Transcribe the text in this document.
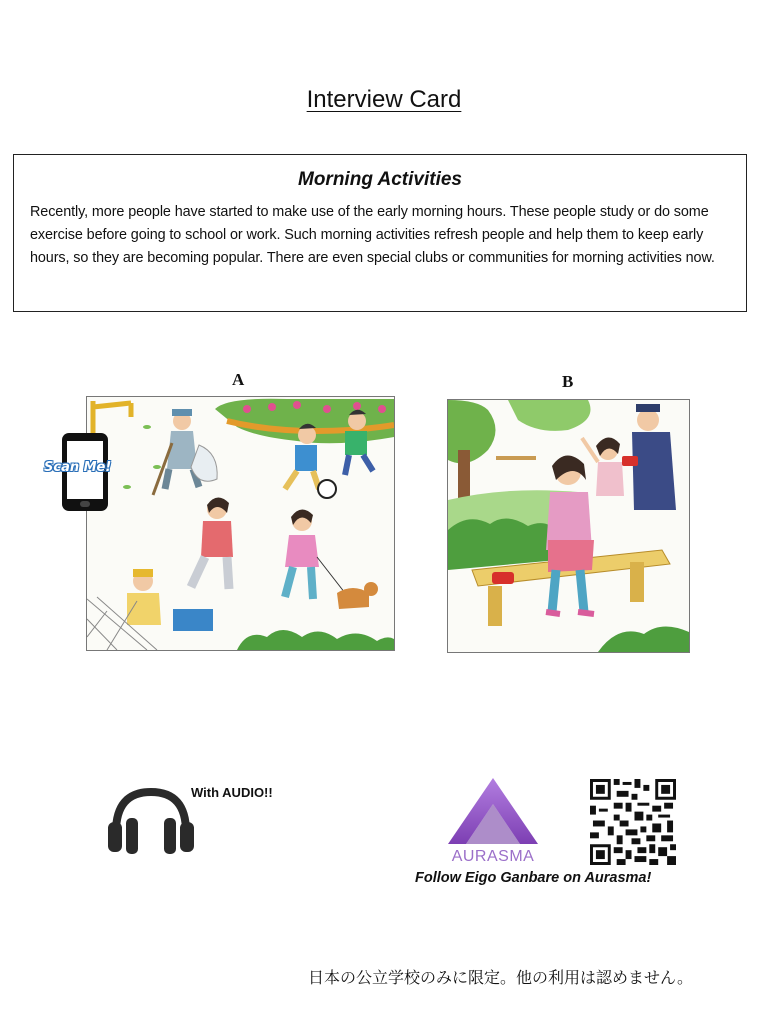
Interview Card
Morning Activities
Recently, more people have started to make use of the early morning hours. These people study or do some exercise before going to school or work. Such morning activities refresh people and help them to keep early hours, so they are becoming popular. There are even special clubs or communities for morning activities now.
A	B
Scan Me!
With AUDIO!!
AURASMA
Follow Eigo Ganbare on Aurasma!
日本の公立学校のみに限定。他の利用は認めません。
